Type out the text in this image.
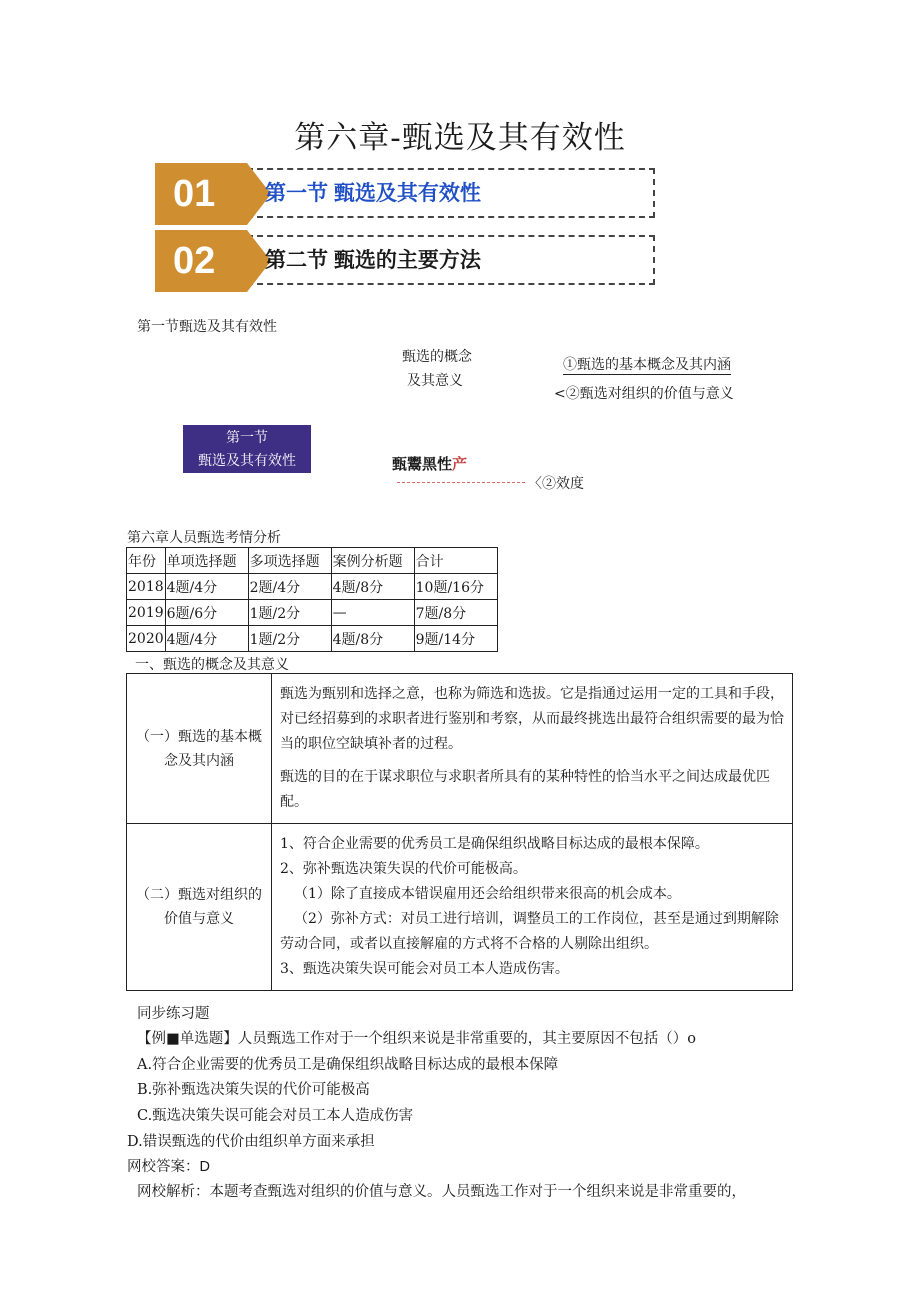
第六章-甄选及其有效性
01	第一节 甄选及其有效性
02	第二节 甄选的主要方法
第一节甄选及其有效性
甄选的概念
及其意义
①甄选的基本概念及其内涵
<②甄选对组织的价值与意义
第一节
甄选及其有效性	甄鬻黑性产
〈②效度
第六章人员甄选考情分析
年份	单项选择题	多项选择题	案例分析题	合计
2018	4题/4分	2题/4分	4题/8分	10题/16分
2019	6题/6分	1题/2分	—	7题/8分
2020	4题/4分	1题/2分	4题/8分	9题/14分
一、甄选的概念及其意义
（一）甄选的基本概念及其内涵	甄选为甄别和选择之意，也称为筛选和选拔。它是指通过运用一定的工具和手段，对已经招募到的求职者进行鉴别和考察，从而最终挑选出最符合组织需要的最为恰当的职位空缺填补者的过程。

甄选的目的在于谋求职位与求职者所具有的某种特性的恰当水平之间达成最优匹配。

（二）甄选对组织的价值与意义	1、符合企业需要的优秀员工是确保组织战略目标达成的最根本保障。

2、弥补甄选决策失误的代价可能极高。

（1）除了直接成本错误雇用还会给组织带来很高的机会成本。

（2）弥补方式：对员工进行培训，调整员工的工作岗位，甚至是通过到期解除劳动合同，或者以直接解雇的方式将不合格的人剔除出组织。

3、甄选决策失误可能会对员工本人造成伤害。

同步练习题
【例■单选题】人员甄选工作对于一个组织来说是非常重要的，其主要原因不包括（）o
A.符合企业需要的优秀员工是确保组织战略目标达成的最根本保障
B.弥补甄选决策失误的代价可能极高
C.甄选决策失误可能会对员工本人造成伤害
D.错误甄选的代价由组织单方面来承担
网校答案：D
网校解析：本题考查甄选对组织的价值与意义。人员甄选工作对于一个组织来说是非常重要的，
